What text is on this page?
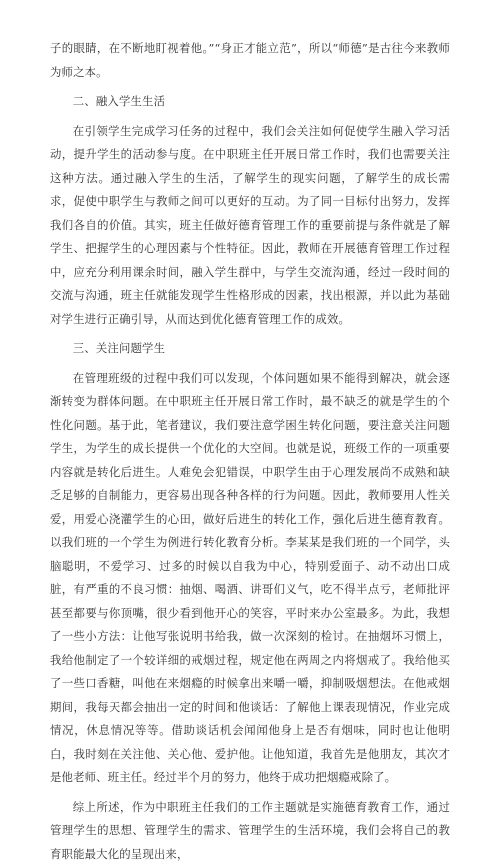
子的眼睛，在不断地盯视着他。”“身正才能立范”，所以“师德”是古往今来教师为师之本。

二、融入学生生活

在引领学生完成学习任务的过程中，我们会关注如何促使学生融入学习活动，提升学生的活动参与度。在中职班主任开展日常工作时，我们也需要关注这种方法。通过融入学生的生活，了解学生的现实问题，了解学生的成长需求，促使中职学生与教师之间可以更好的互动。为了同一目标付出努力，发挥我们各自的价值。其实，班主任做好德育管理工作的重要前提与条件就是了解学生、把握学生的心理因素与个性特征。因此，教师在开展德育管理工作过程中，应充分利用课余时间，融入学生群中，与学生交流沟通，经过一段时间的交流与沟通，班主任就能发现学生性格形成的因素，找出根源，并以此为基础对学生进行正确引导，从而达到优化德育管理工作的成效。

三、关注问题学生

在管理班级的过程中我们可以发现，个体问题如果不能得到解决，就会逐渐转变为群体问题。在中职班主任开展日常工作时，最不缺乏的就是学生的个性化问题。基于此，笔者建议，我们要注意学困生转化问题，要注意关注问题学生，为学生的成长提供一个优化的大空间。也就是说，班级工作的一项重要内容就是转化后进生。人难免会犯错误，中职学生由于心理发展尚不成熟和缺乏足够的自制能力，更容易出现各种各样的行为问题。因此，教师要用人性关爱，用爱心浇灌学生的心田，做好后进生的转化工作，强化后进生德育教育。以我们班的一个学生为例进行转化教育分析。李某某是我们班的一个同学，头脑聪明，不爱学习、过多的时候以自我为中心，特别爱面子、动不动出口成脏，有严重的不良习惯：抽烟、喝酒、讲哥们义气，吃不得半点亏，老师批评甚至都要与你顶嘴，很少看到他开心的笑容，平时来办公室最多。为此，我想了一些小方法：让他写张说明书给我，做一次深刻的检讨。在抽烟坏习惯上，我给他制定了一个较详细的戒烟过程，规定他在两周之内将烟戒了。我给他买了一些口香糖，叫他在来烟瘾的时候拿出来嚼一嚼，抑制吸烟想法。在他戒烟期间，我每天都会抽出一定的时间和他谈话：了解他上课表现情况，作业完成情况，休息情况等等。借助谈话机会闻闻他身上是否有烟味，同时也让他明白，我时刻在关注他、关心他、爱护他。让他知道，我首先是他朋友，其次才是他老师、班主任。经过半个月的努力，他终于成功把烟瘾戒除了。

综上所述，作为中职班主任我们的工作主题就是实施德育教育工作，通过管理学生的思想、管理学生的需求、管理学生的生活环境，我们会将自己的教育职能最大化的呈现出来，
